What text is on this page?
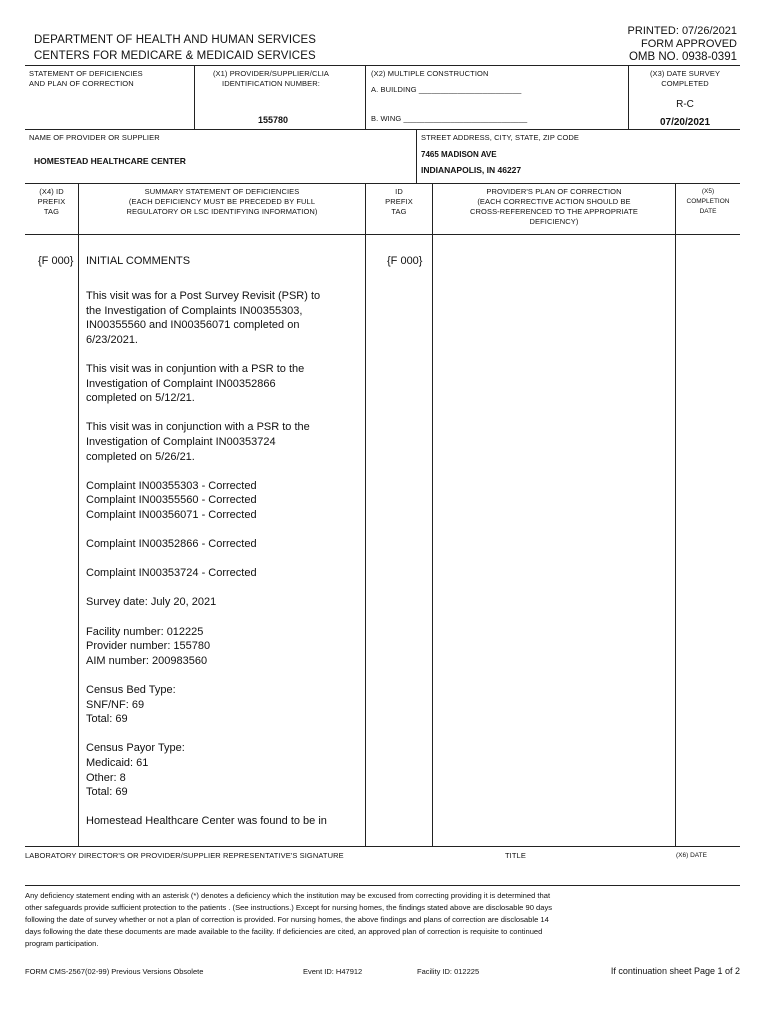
DEPARTMENT OF HEALTH AND HUMAN SERVICES
CENTERS FOR MEDICARE & MEDICAID SERVICES
PRINTED: 07/26/2021
FORM APPROVED
OMB NO. 0938-0391
STATEMENT OF DEFICIENCIES
AND PLAN OF CORRECTION
(X1) PROVIDER/SUPPLIER/CLIA
IDENTIFICATION NUMBER:
155780
(X2) MULTIPLE CONSTRUCTION
A. BUILDING ________________________
B. WING _____________________________
(X3) DATE SURVEY
COMPLETED
R-C
07/20/2021
NAME OF PROVIDER OR SUPPLIER
HOMESTEAD HEALTHCARE CENTER
STREET ADDRESS, CITY, STATE, ZIP CODE
7465 MADISON AVE
INDIANAPOLIS, IN 46227
(X4) ID
PREFIX
TAG
SUMMARY STATEMENT OF DEFICIENCIES
(EACH DEFICIENCY MUST BE PRECEDED BY FULL
REGULATORY OR LSC IDENTIFYING INFORMATION)
ID
PREFIX
TAG
PROVIDER'S PLAN OF CORRECTION
(EACH CORRECTIVE ACTION SHOULD BE
CROSS-REFERENCED TO THE APPROPRIATE
DEFICIENCY)
(X5)
COMPLETION
DATE
{F 000}	{F 000}
INITIAL COMMENTS

This visit was for a Post Survey Revisit (PSR) to
the Investigation of Complaints IN00355303,
IN00355560 and IN00356071 completed on
6/23/2021.

This visit was in conjuntion with a PSR to the
Investigation of Complaint IN00352866
completed on 5/12/21.

This visit was in conjunction with a PSR to the
Investigation of Complaint IN00353724
completed on 5/26/21.

Complaint IN00355303 - Corrected
Complaint IN00355560 - Corrected
Complaint IN00356071 - Corrected

Complaint IN00352866 - Corrected

Complaint IN00353724 - Corrected

Survey date: July 20, 2021

Facility number: 012225
Provider number: 155780
AIM number: 200983560

Census Bed Type:
SNF/NF: 69
Total: 69

Census Payor Type:
Medicaid: 61
Other: 8
Total: 69

Homestead Healthcare Center was found to be in

LABORATORY DIRECTOR'S OR PROVIDER/SUPPLIER REPRESENTATIVE'S SIGNATURE	TITLE	(X6) DATE
Any deficiency statement ending with an asterisk (*) denotes a deficiency which the institution may be excused from correcting providing it is determined that
other safeguards provide sufficient protection to the patients . (See instructions.) Except for nursing homes, the findings stated above are disclosable 90 days
following the date of survey whether or not a plan of correction is provided. For nursing homes, the above findings and plans of correction are disclosable 14
days following the date these documents are made available to the facility. If deficiencies are cited, an approved plan of correction is requisite to continued
program participation.
FORM CMS-2567(02-99) Previous Versions Obsolete	Event ID: H47912	Facility ID: 012225	If continuation sheet Page 1 of 2
